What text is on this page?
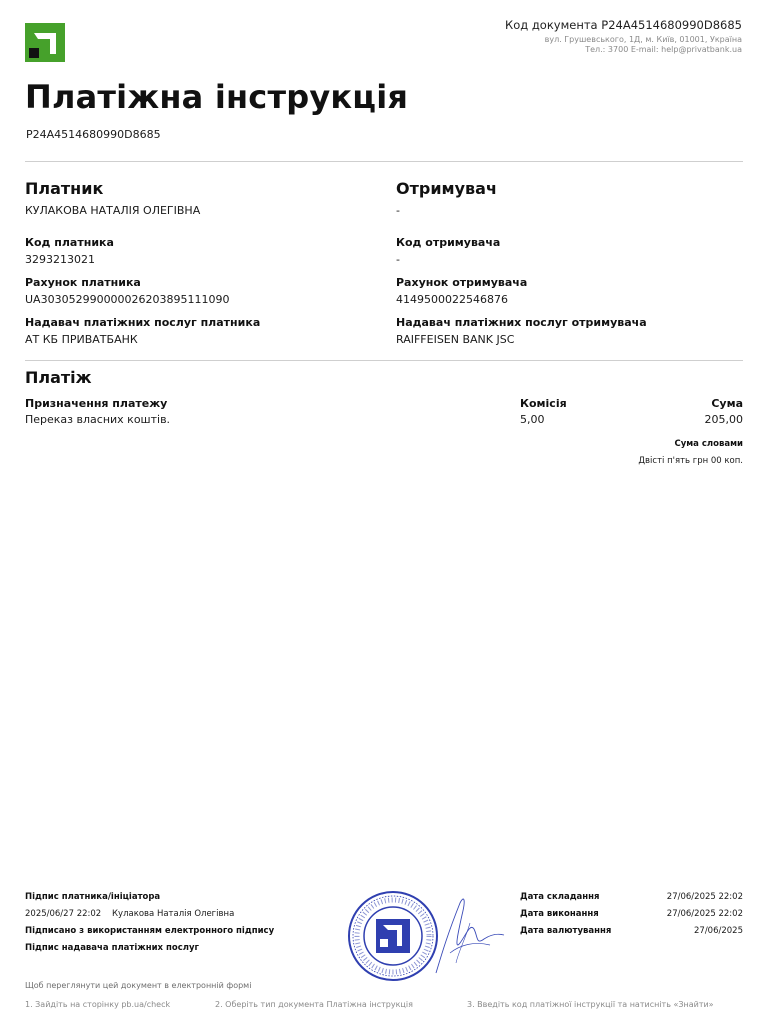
Код документа P24A4514680990D8685
вул. Грушевського, 1Д, м. Київ, 01001, Україна
Тел.: 3700 E-mail: help@privatbank.ua
Платіжна інструкція
P24A4514680990D8685
Платник
КУЛАКОВА НАТАЛІЯ ОЛЕГІВНА
Код платника
3293213021
Рахунок платника
UA303052990000026203895111090
Надавач платіжних послуг платника
АТ КБ ПРИВАТБАНК
Отримувач
-
Код отримувача
-
Рахунок отримувача
4149500022546876
Надавач платіжних послуг отримувача
RAIFFEISEN BANK JSC
Платіж
Призначення платежу
Переказ власних коштів.
Комісія
5,00
Сума
205,00
Сума словами
Двісті п'ять грн 00 коп.
Підпис платника/ініціатора
2025/06/27 22:02 Кулакова Наталія Олегівна
Підписано з використанням електронного підпису
Підпис надавача платіжних послуг
Дата складання	27/06/2025 22:02
Дата виконання	27/06/2025 22:02
Дата валютування	27/06/2025
Щоб переглянути цей документ в електронній формі
1. Зайдіть на сторінку pb.ua/check	2. Оберіть тип документа Платіжна інструкція	3. Введіть код платіжної інструкції та натисніть «Знайти»
